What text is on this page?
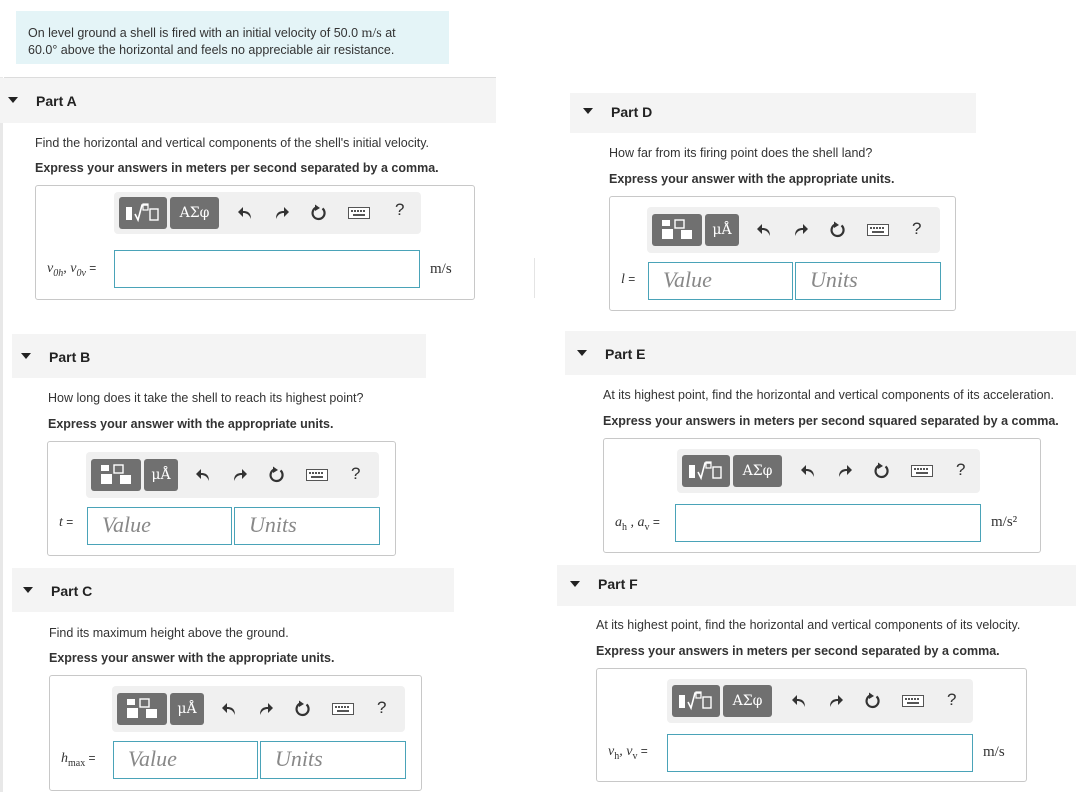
On level ground a shell is fired with an initial velocity of 50.0 m/s at
60.0° above the horizontal and feels no appreciable air resistance.
Part A
Find the horizontal and vertical components of the shell's initial velocity.
Express your answers in meters per second separated by a comma.
ΑΣφ	?
$v_{0h}$, $v_{0v}$ =	m/s
Part B
How long does it take the shell to reach its highest point?
Express your answer with the appropriate units.
μÅ	?
t =	Value	Units
Part C
Find its maximum height above the ground.
Express your answer with the appropriate units.
μÅ	?
$h_{max}$ =	Value	Units
Part D
How far from its firing point does the shell land?
Express your answer with the appropriate units.
μÅ	?
l =	Value	Units
Part E
At its highest point, find the horizontal and vertical components of its acceleration.
Express your answers in meters per second squared separated by a comma.
ΑΣφ	?
$a_h$ , $a_v$ =	m/s²
Part F
At its highest point, find the horizontal and vertical components of its velocity.
Express your answers in meters per second separated by a comma.
ΑΣφ	?
$v_h$, $v_v$ =	m/s
